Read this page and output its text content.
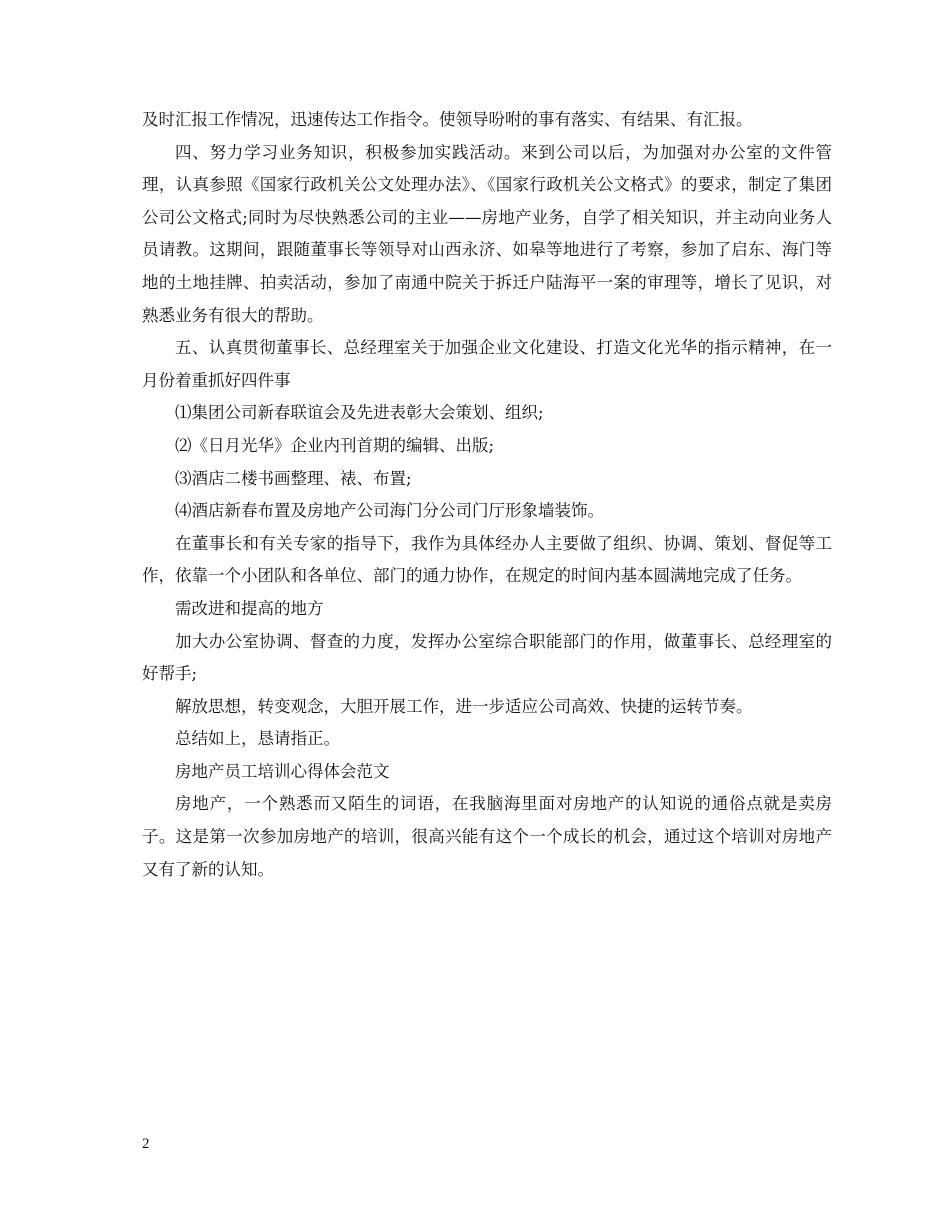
及时汇报工作情况，迅速传达工作指令。使领导吩咐的事有落实、有结果、有汇报。

四、努力学习业务知识，积极参加实践活动。来到公司以后，为加强对办公室的文件管理，认真参照《国家行政机关公文处理办法》、《国家行政机关公文格式》的要求，制定了集团公司公文格式;同时为尽快熟悉公司的主业——房地产业务，自学了相关知识，并主动向业务人员请教。这期间，跟随董事长等领导对山西永济、如皋等地进行了考察，参加了启东、海门等地的土地挂牌、拍卖活动，参加了南通中院关于拆迁户陆海平一案的审理等，增长了见识，对熟悉业务有很大的帮助。

五、认真贯彻董事长、总经理室关于加强企业文化建设、打造文化光华的指示精神，在一月份着重抓好四件事

⑴集团公司新春联谊会及先进表彰大会策划、组织;

⑵《日月光华》企业内刊首期的编辑、出版;

⑶酒店二楼书画整理、裱、布置;

⑷酒店新春布置及房地产公司海门分公司门厅形象墙装饰。

在董事长和有关专家的指导下，我作为具体经办人主要做了组织、协调、策划、督促等工作，依靠一个小团队和各单位、部门的通力协作，在规定的时间内基本圆满地完成了任务。

需改进和提高的地方

加大办公室协调、督查的力度，发挥办公室综合职能部门的作用，做董事长、总经理室的好帮手;

解放思想，转变观念，大胆开展工作，进一步适应公司高效、快捷的运转节奏。

总结如上，恳请指正。

房地产员工培训心得体会范文

房地产，一个熟悉而又陌生的词语，在我脑海里面对房地产的认知说的通俗点就是卖房子。这是第一次参加房地产的培训，很高兴能有这个一个成长的机会，通过这个培训对房地产又有了新的认知。

2
